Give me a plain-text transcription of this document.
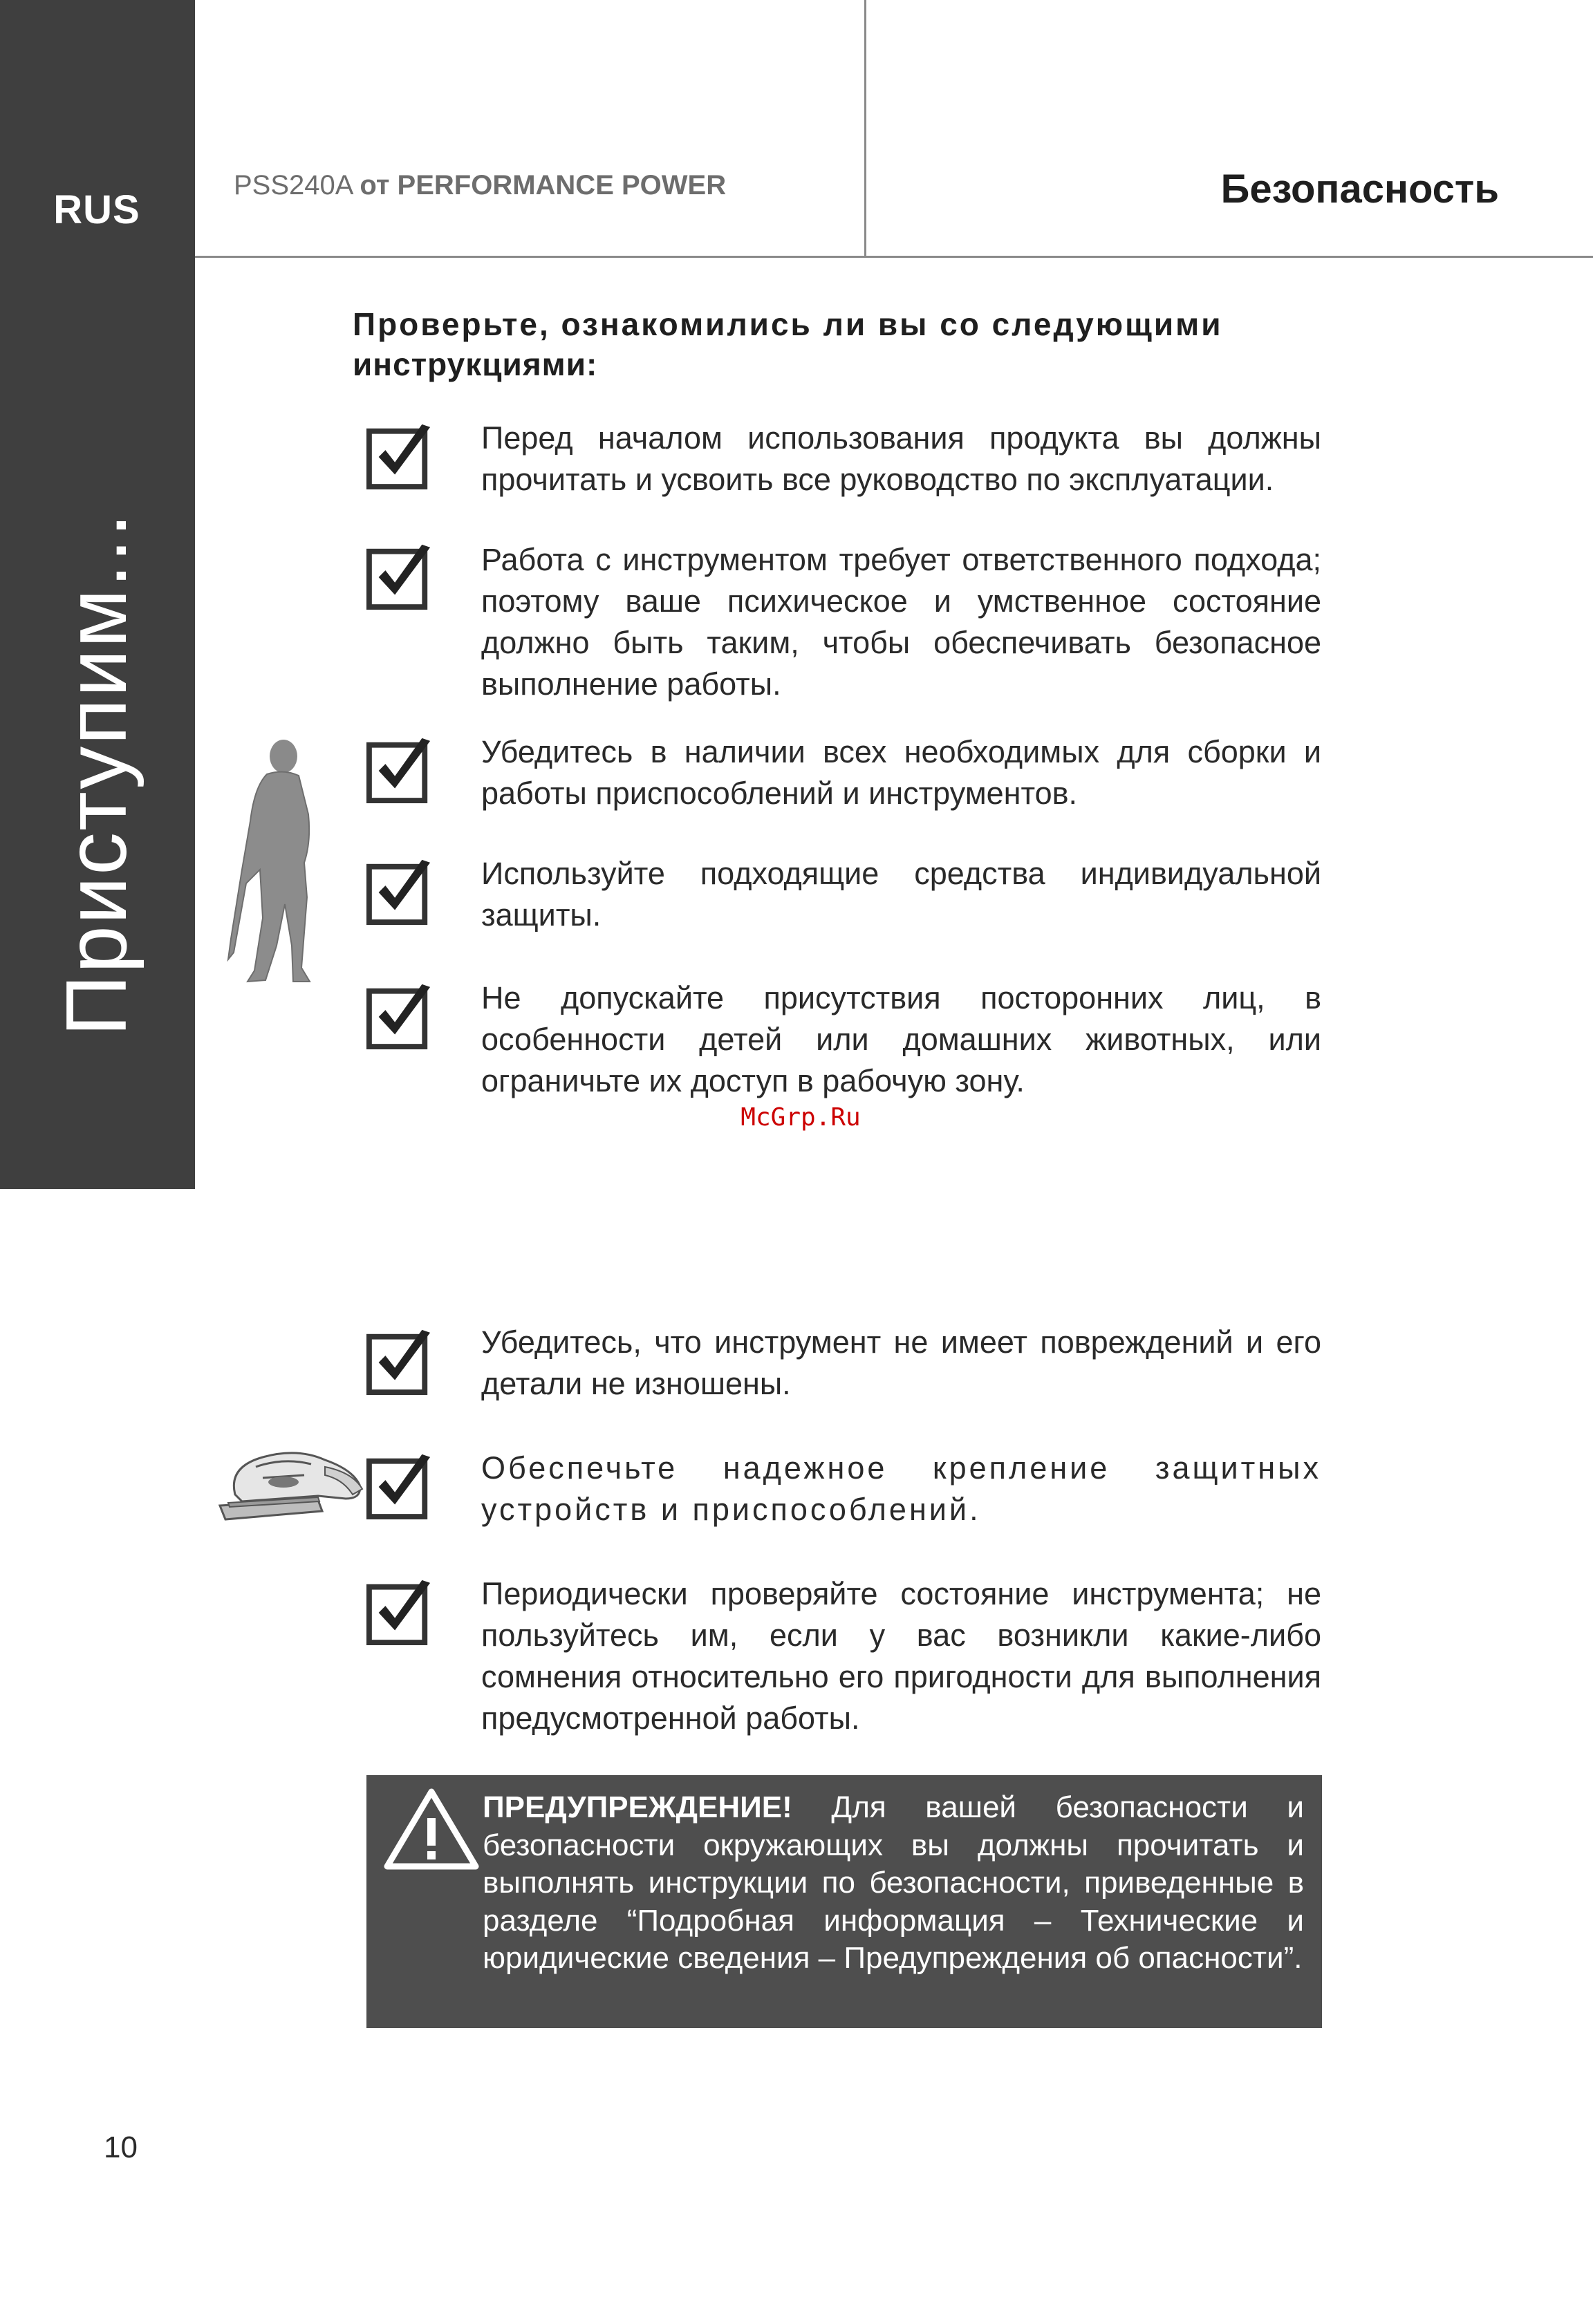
RUS
Приступим...
PSS240A от PERFORMANCE POWER	Безопасность
Проверьте, ознакомились ли вы со следующими
инструкциями:
Перед началом использования продукта вы должны прочитать и усвоить все руководство по эксплуатации.
Работа с инструментом требует ответственного подхода; поэтому ваше психическое и умственное состояние должно быть таким, чтобы обеспечивать безопасное выполнение работы.
Убедитесь в наличии всех необходимых для сборки и работы приспособлений и инструментов.
Используйте подходящие средства индивидуальной защиты.
Не допускайте присутствия посторонних лиц, в особенности детей или домашних животных, или ограничьте их доступ в рабочую зону.
McGrp.Ru
Убедитесь, что инструмент не имеет повреждений и его детали не изношены.
Обеспечьте надежное крепление защитных устройств и приспособлений.
Периодически проверяйте состояние инструмента; не пользуйтесь им, если у вас возникли какие-либо сомнения относительно его пригодности для выполнения предусмотренной работы.
ПРЕДУПРЕЖДЕНИЕ! Для вашей безопасности и безопасности окружающих вы должны прочитать и выполнять инструкции по безопасности, приведенные в разделе “Подробная информация – Технические и юридические сведения – Предупреждения об опасности”.
10
